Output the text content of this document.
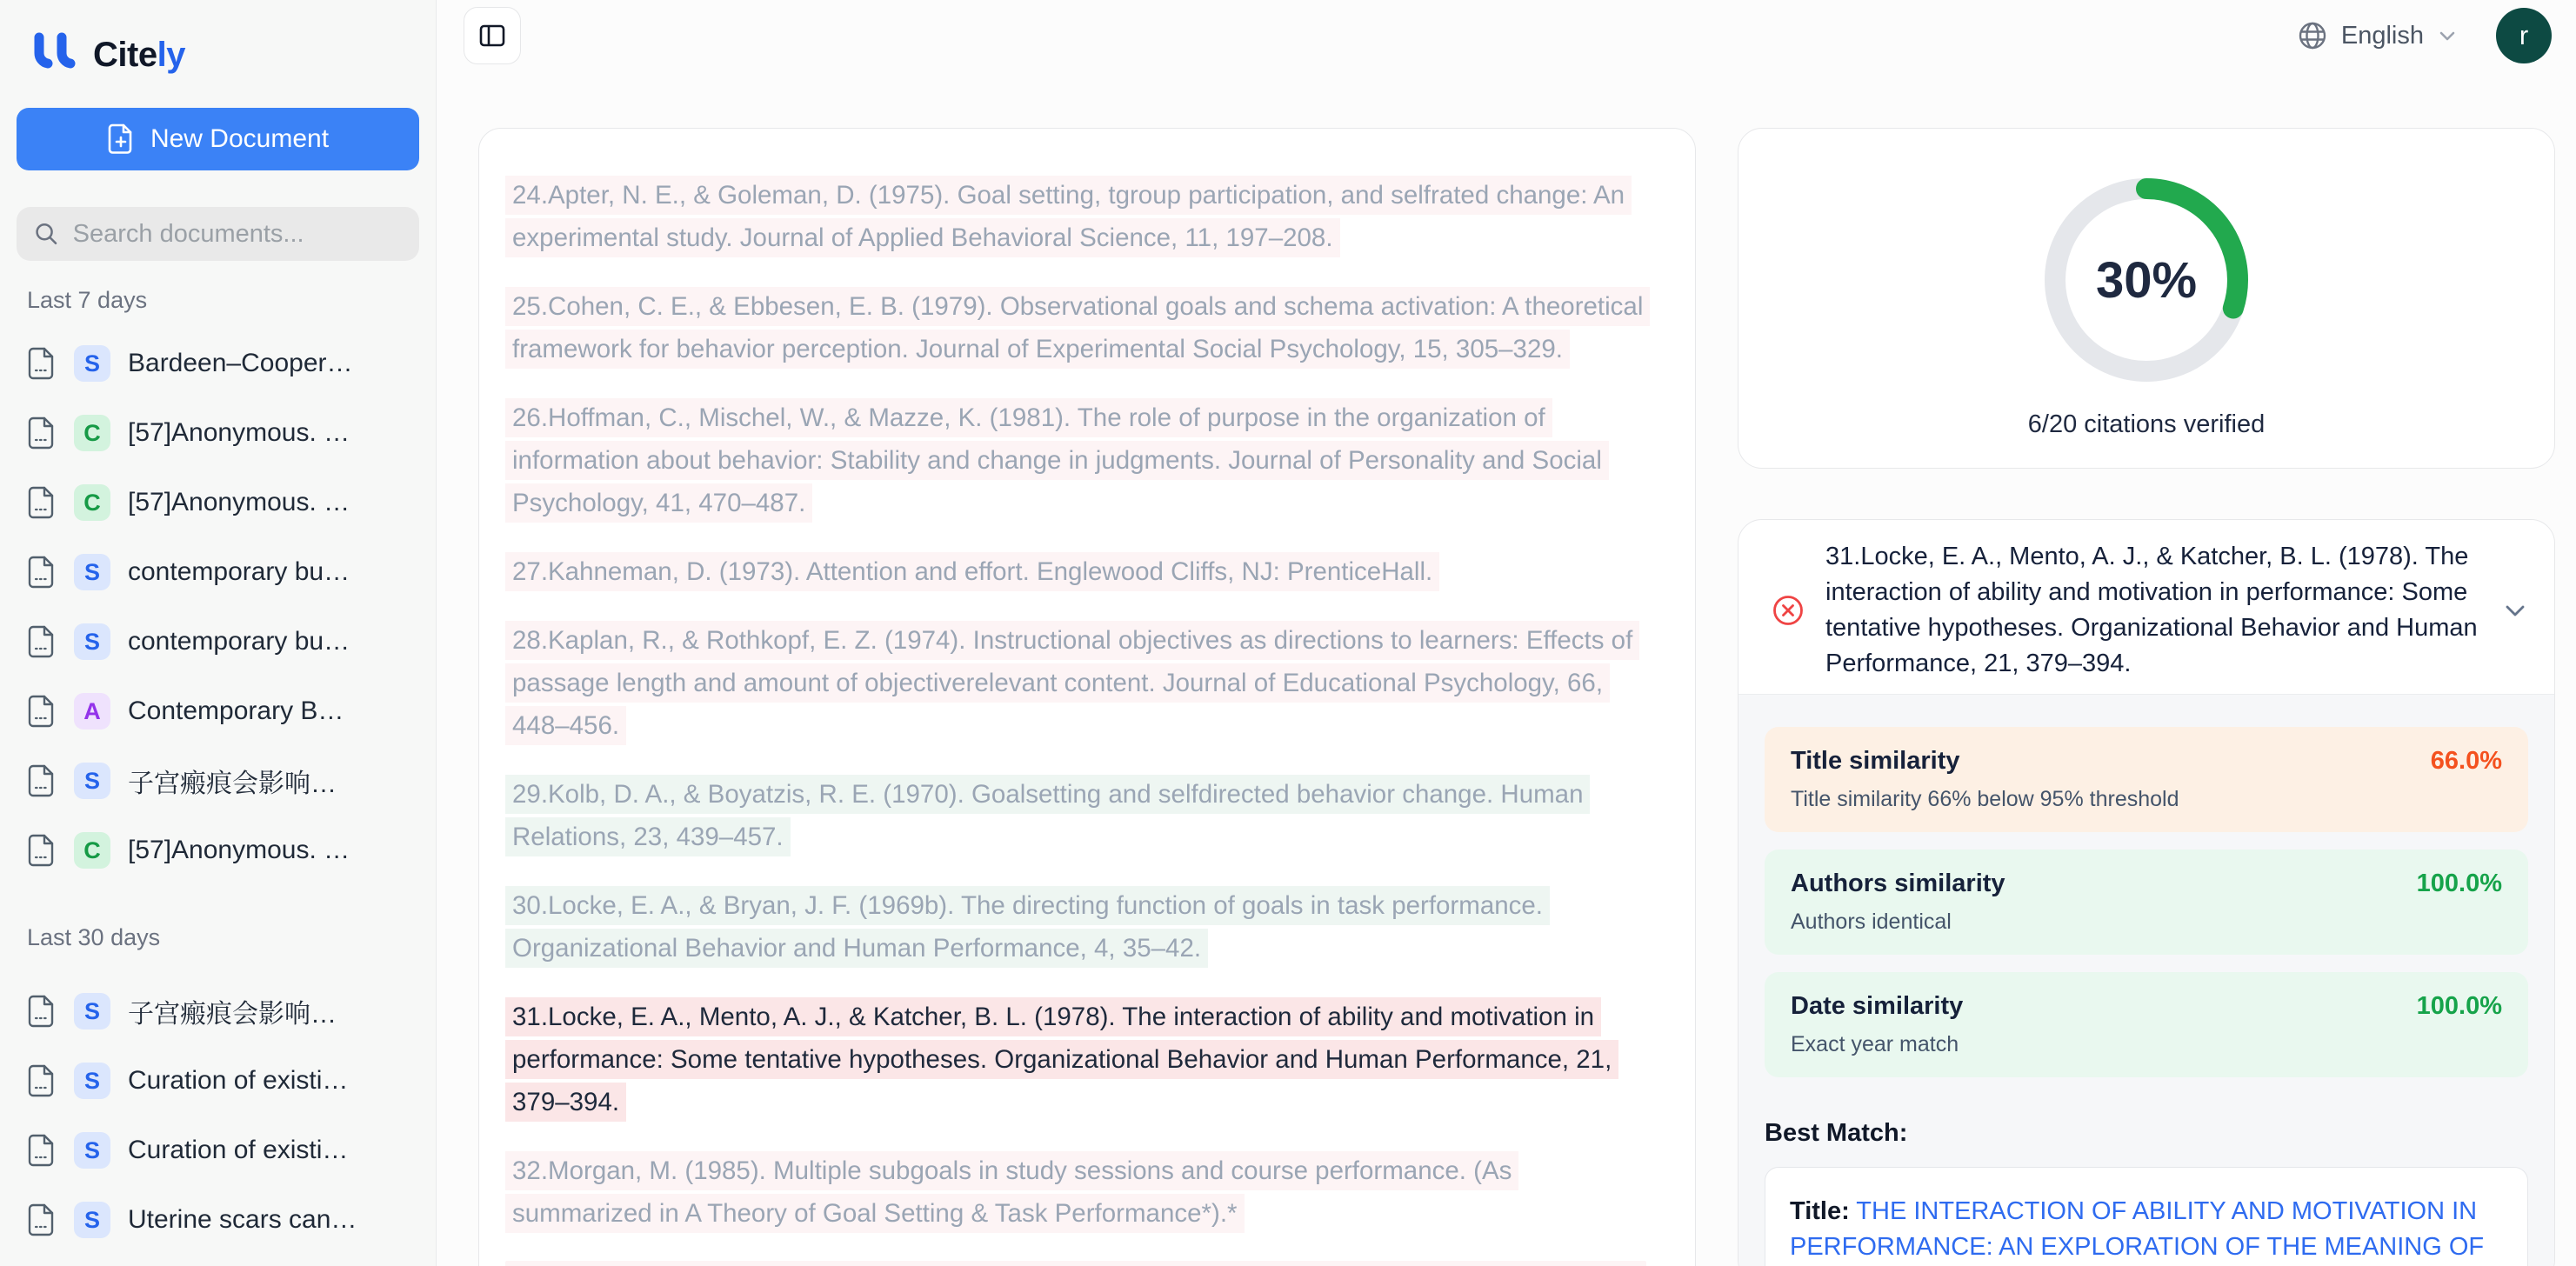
Citely
New Document
Search documents...
Last 7 days
S	Bardeen–Cooper…
C	[57]Anonymous. …
C	[57]Anonymous. …
S	contemporary bu…
S	contemporary bu…
A	Contemporary B…
S	子宫瘢痕会影响…
C	[57]Anonymous. …
Last 30 days
S	子宫瘢痕会影响…
S	Curation of existi…
S	Curation of existi…
S	Uterine scars can…
English	r

24.Apter, N. E., & Goleman, D. (1975). Goal setting, tgroup participation, and selfrated change: An experimental study. Journal of Applied Behavioral Science, 11, 197–208.

25.Cohen, C. E., & Ebbesen, E. B. (1979). Observational goals and schema activation: A theoretical framework for behavior perception. Journal of Experimental Social Psychology, 15, 305–329.

26.Hoffman, C., Mischel, W., & Mazze, K. (1981). The role of purpose in the organization of information about behavior: Stability and change in judgments. Journal of Personality and Social Psychology, 41, 470–487.

27.Kahneman, D. (1973). Attention and effort. Englewood Cliffs, NJ: PrenticeHall.

28.Kaplan, R., & Rothkopf, E. Z. (1974). Instructional objectives as directions to learners: Effects of passage length and amount of objectiverelevant content. Journal of Educational Psychology, 66, 448–456.

29.Kolb, D. A., & Boyatzis, R. E. (1970). Goalsetting and selfdirected behavior change. Human Relations, 23, 439–457.

30.Locke, E. A., & Bryan, J. F. (1969b). The directing function of goals in task performance. Organizational Behavior and Human Performance, 4, 35–42.

31.Locke, E. A., Mento, A. J., & Katcher, B. L. (1978). The interaction of ability and motivation in performance: Some tentative hypotheses. Organizational Behavior and Human Performance, 21, 379–394.

32.Morgan, M. (1985). Multiple subgoals in study sessions and course performance. (As summarized in A Theory of Goal Setting & Task Performance*).*

30%
6/20 citations verified
31.Locke, E. A., Mento, A. J., & Katcher, B. L. (1978). The interaction of ability and motivation in performance: Some tentative hypotheses. Organizational Behavior and Human Performance, 21, 379–394.
Title similarity	66.0%
Title similarity 66% below 95% threshold
Authors similarity	100.0%
Authors identical
Date similarity	100.0%
Exact year match
Best Match:
Title: THE INTERACTION OF ABILITY AND MOTIVATION IN PERFORMANCE: AN EXPLORATION OF THE MEANING OF
